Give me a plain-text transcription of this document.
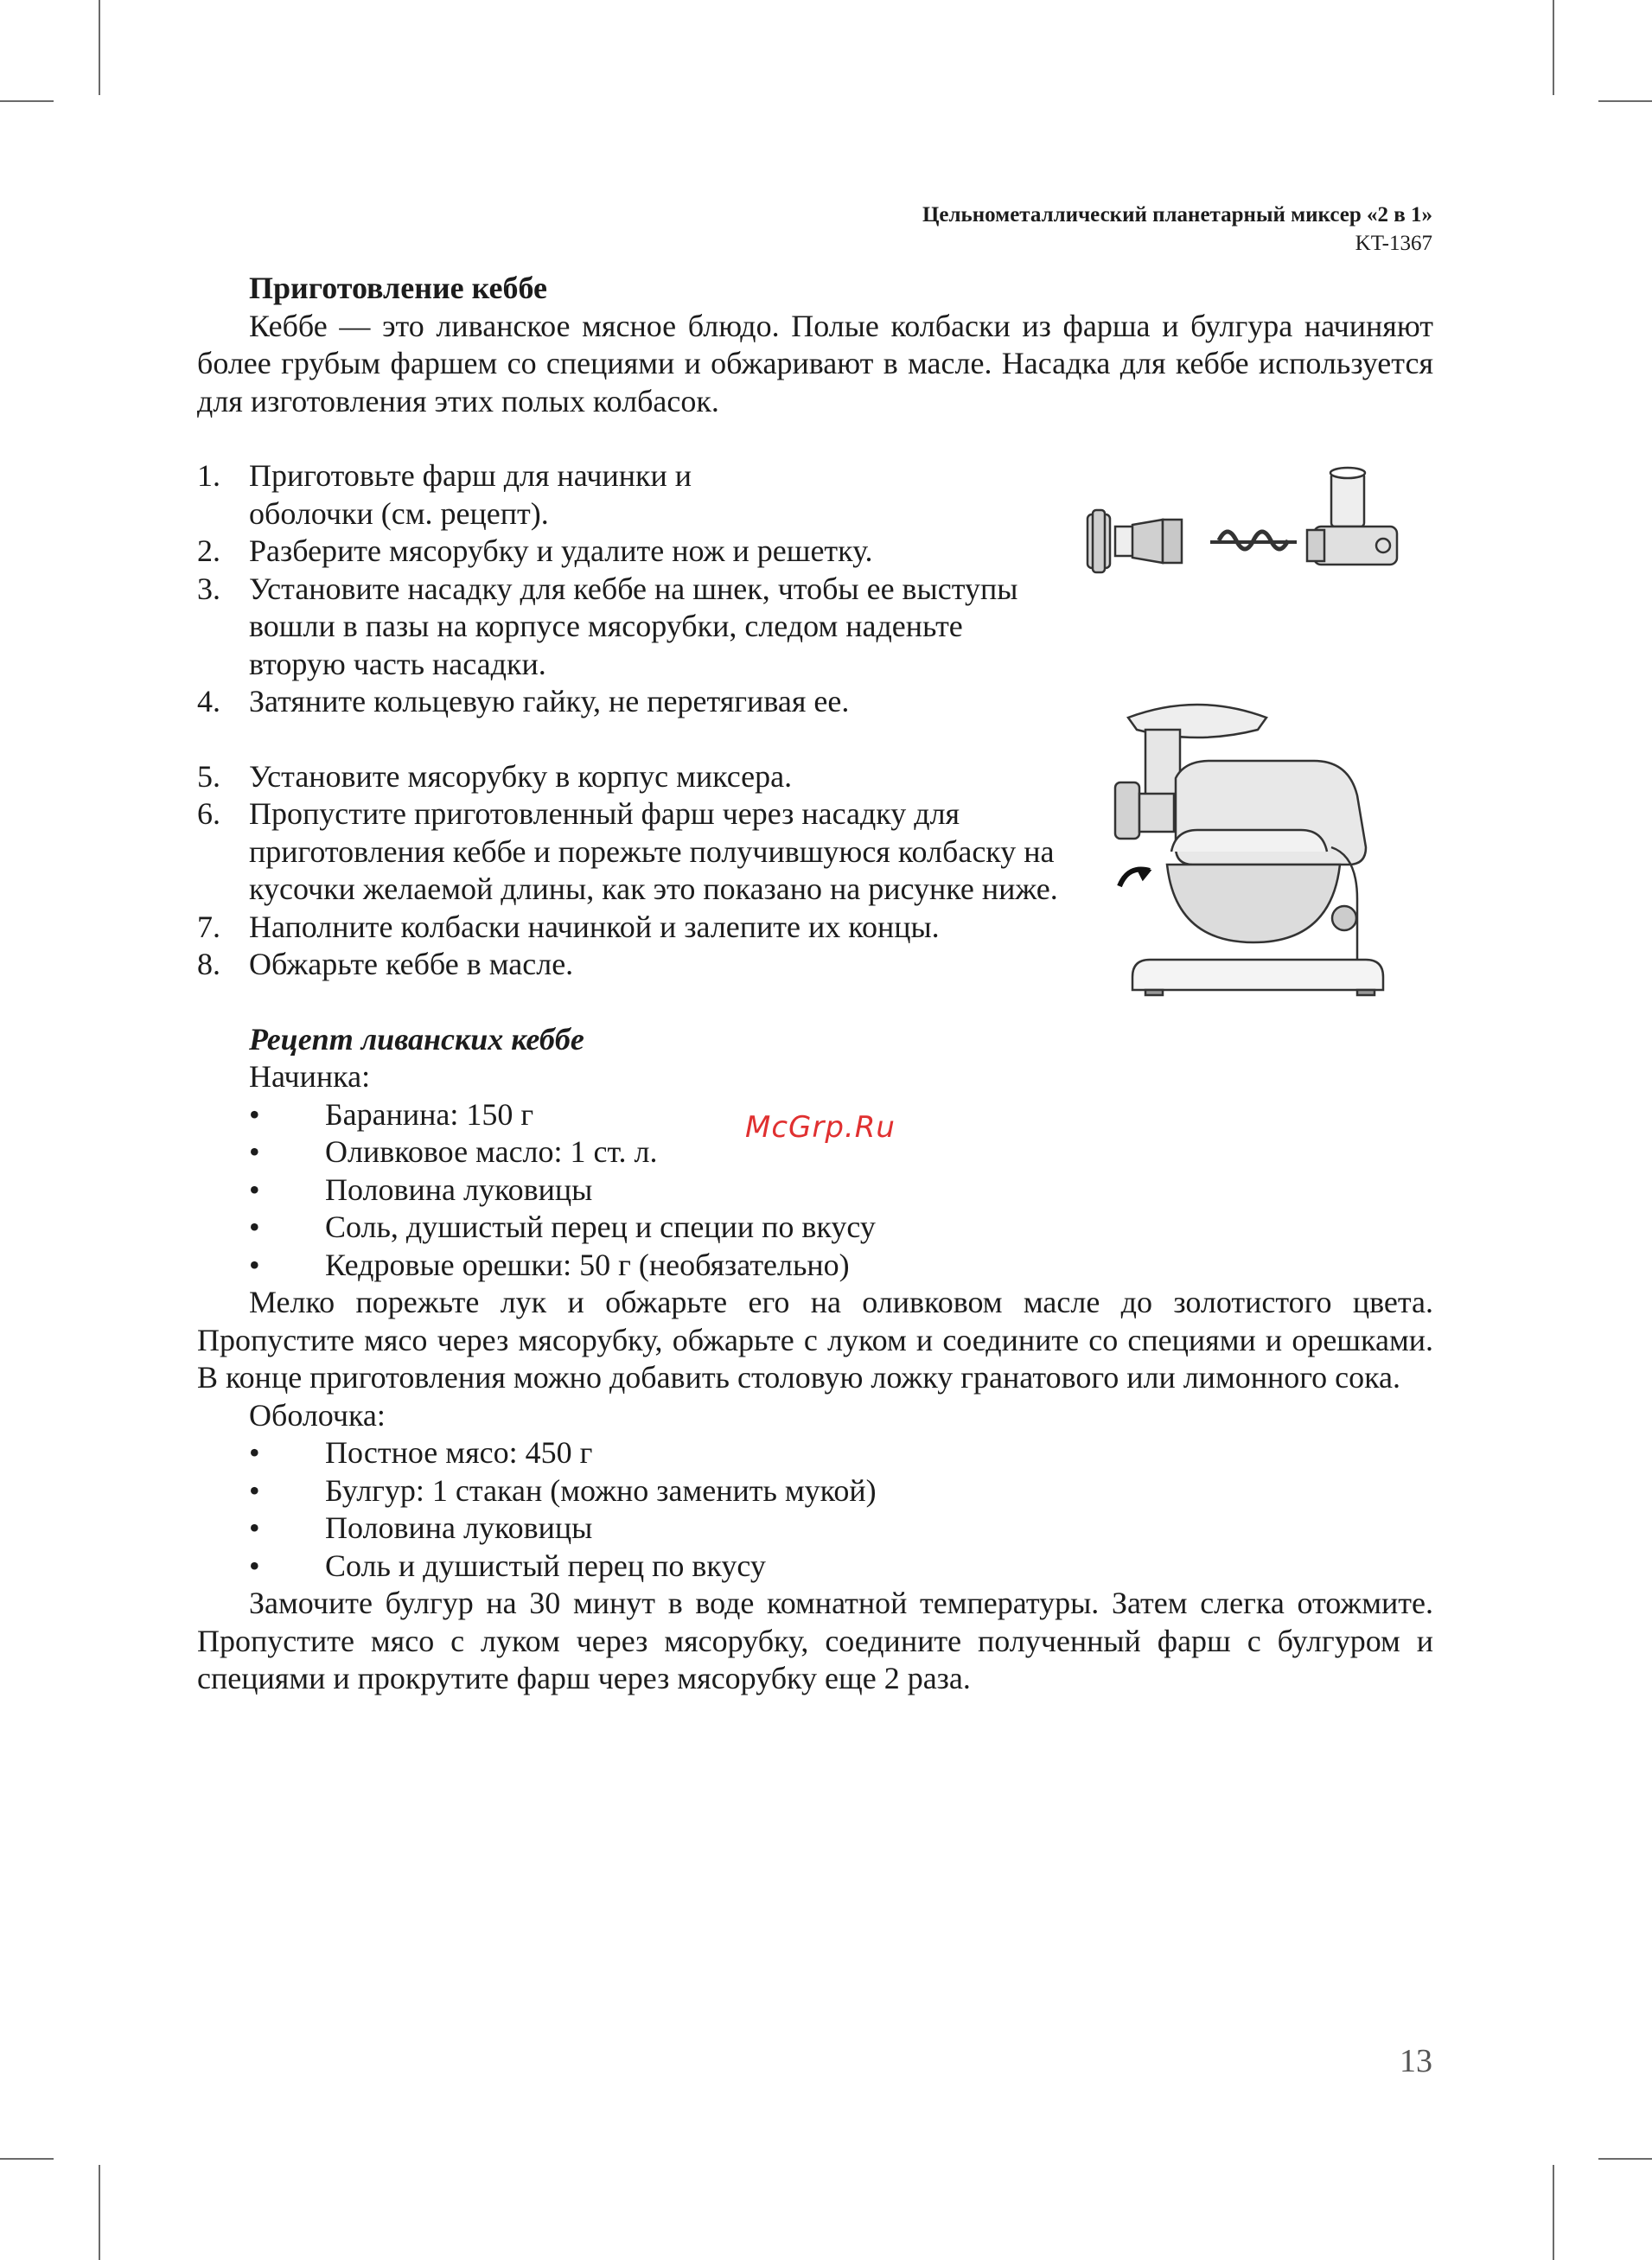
Цельнометаллический планетарный миксер «2 в 1»
KT-1367
Приготовление кеббе

Кеббе — это ливанское мясное блюдо. Полые колбаски из фарша и булгура начиняют более грубым фаршем со специями и обжаривают в масле. Насадка для кеббе используется для изготовления этих полых колбасок.

1. Приготовьте фарш для начинки и оболочки (см. рецепт).
2. Разберите мясорубку и удалите нож и решетку.
3. Установите насадку для кеббе на шнек, чтобы ее выступы вошли в пазы на корпусе мясорубки, следом наденьте вторую часть насадки.
4. Затяните кольцевую гайку, не перетягивая ее.
5. Установите мясорубку в корпус миксера.
6. Пропустите приготовленный фарш через насадку для приготовления кеббе и порежьте получившуюся колбаску на кусочки желаемой длины, как это показано на рисунке ниже.
7. Наполните колбаски начинкой и залепите их концы.
8. Обжарьте кеббе в масле.
Рецепт ливанских кеббе

Начинка:

•	Баранина: 150 г
•	Оливковое масло: 1 ст. л.
•	Половина луковицы
•	Соль, душистый перец и специи по вкусу
•	Кедровые орешки: 50 г (необязательно)

Мелко порежьте лук и обжарьте его на оливковом масле до золотистого цвета. Пропустите мясо через мясорубку, обжарьте с луком и соедините со специями и орешками. В конце приготовления можно добавить столовую ложку гранатового или лимонного сока.

Оболочка:

•	Постное мясо: 450 г
•	Булгур: 1 стакан (можно заменить мукой)
•	Половина луковицы
•	Соль и душистый перец по вкусу

Замочите булгур на 30 минут в воде комнатной температуры. Затем слегка отожмите. Пропустите мясо с луком через мясорубку, соедините полученный фарш с булгуром и специями и прокрутите фарш через мясорубку еще 2 раза.

McGrp.Ru
13
